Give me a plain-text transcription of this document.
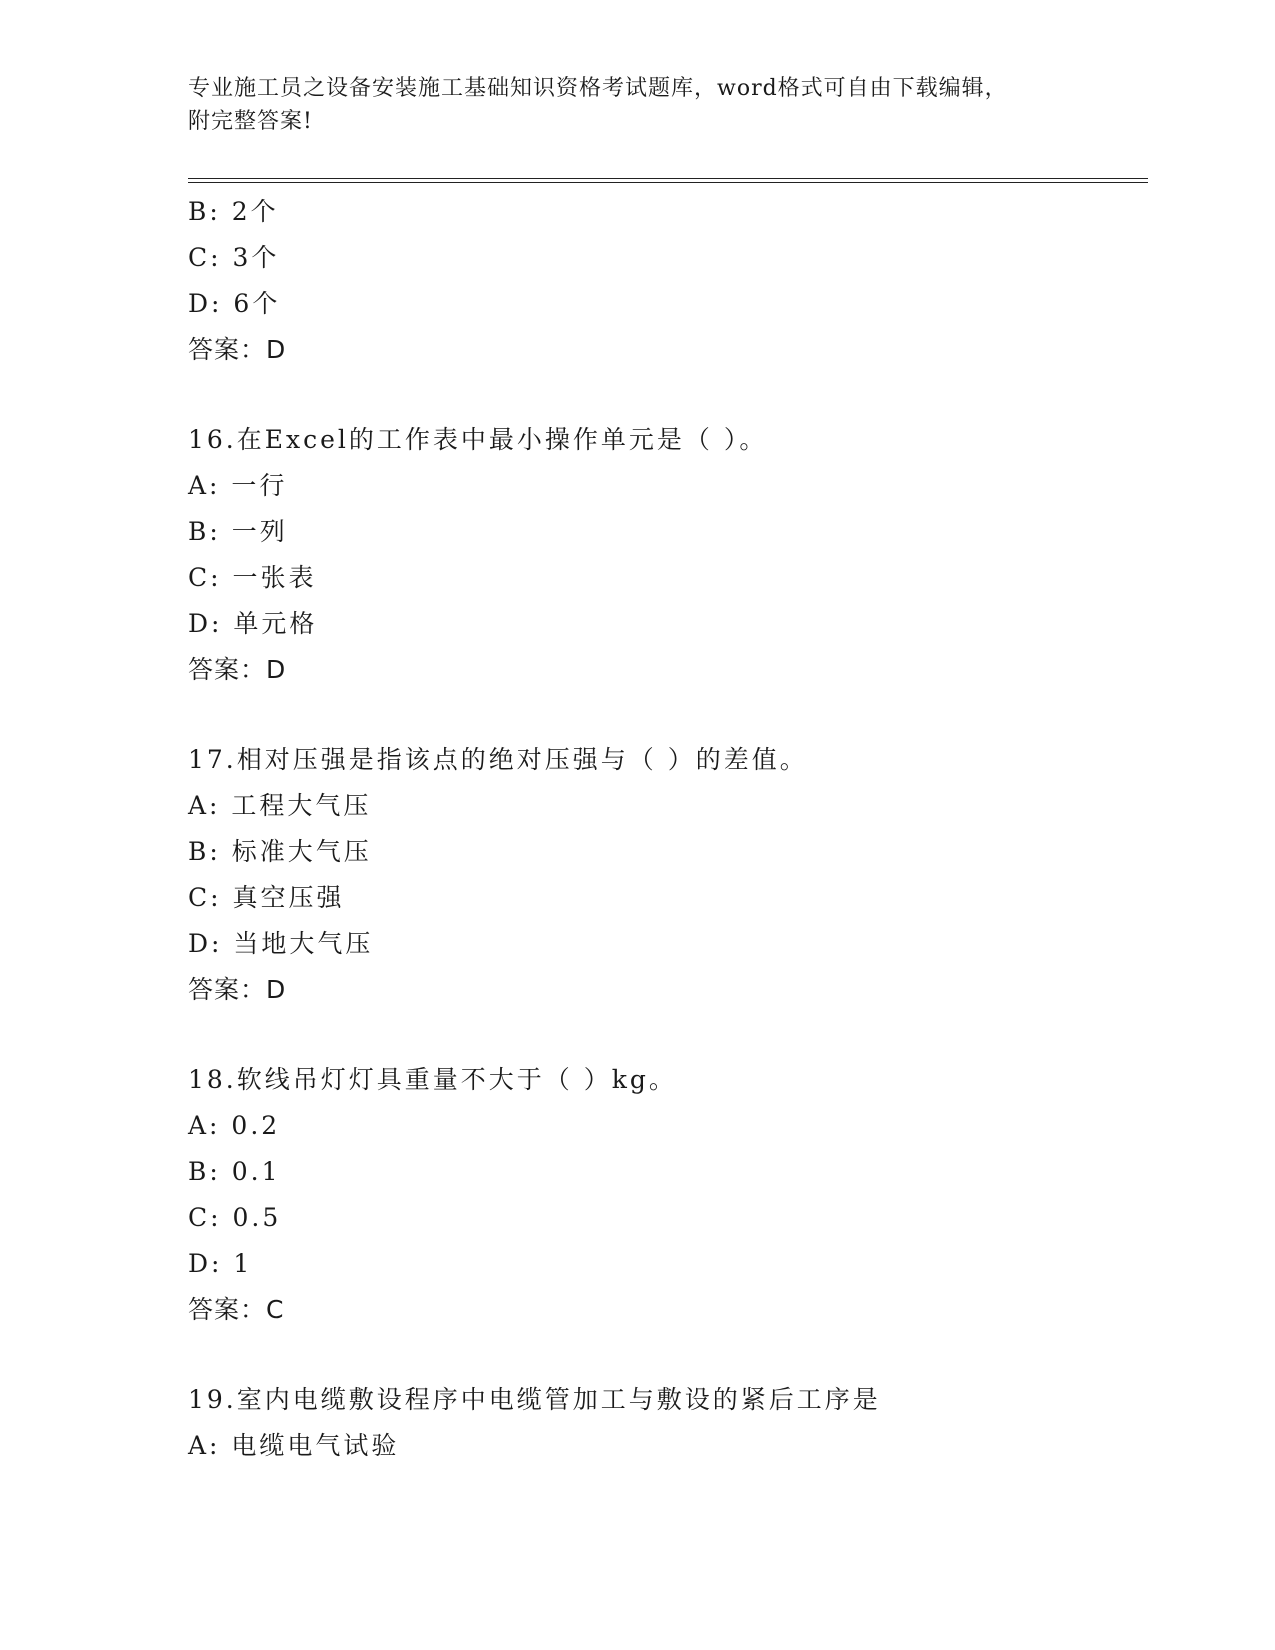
专业施工员之设备安装施工基础知识资格考试题库，word格式可自由下载编辑，
附完整答案!
B: 2个
C: 3个
D: 6个
答案：D
16.在Excel的工作表中最小操作单元是（ ）。
A: 一行
B: 一列
C: 一张表
D: 单元格
答案：D
17.相对压强是指该点的绝对压强与（ ）的差值。
A: 工程大气压
B: 标准大气压
C: 真空压强
D: 当地大气压
答案：D
18.软线吊灯灯具重量不大于（ ）kg。
A: 0.2
B: 0.1
C: 0.5
D: 1
答案：C
19.室内电缆敷设程序中电缆管加工与敷设的紧后工序是
A: 电缆电气试验
